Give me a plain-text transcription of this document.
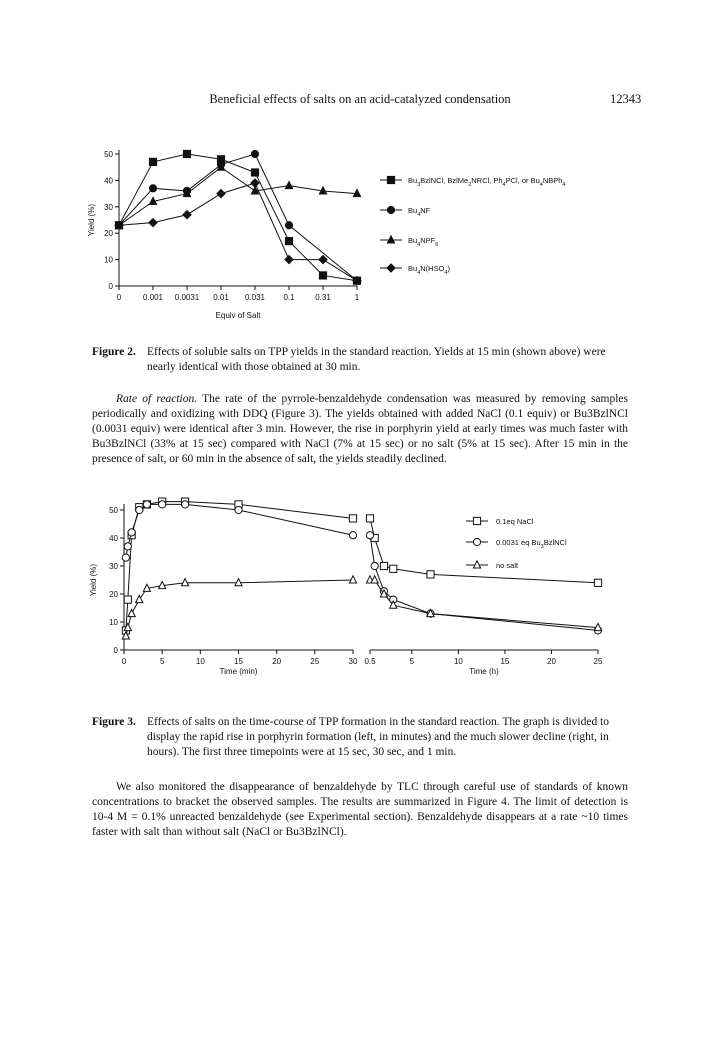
Beneficial effects of salts on an acid-catalyzed condensation	12343
0
10
20
30
40
50
0	0.001 0.0031 0.01 0.031 0.1	0.31	1
Equiv of Salt
Yield (%)
$Bu_3BzlNCl$, BzlMe$_2$NRCl, $Ph_4PCl$, or $Bu_4NBPh_4$
$Bu_4NF$
$Bu_4NPF_6$
$Bu_4N(HSO_4)$
Figure 2. Effects of soluble salts on TPP yields in the standard reaction. Yields at 15 min (shown above) were nearly identical with those obtained at 30 min.
Rate of reaction. The rate of the pyrrole-benzaldehyde condensation was measured by removing samples periodically and oxidizing with DDQ (Figure 3). The yields obtained with added NaCl (0.1 equiv) or Bu3BzlNCl (0.0031 equiv) were identical after 3 min. However, the rise in porphyrin yield at early times was much faster with Bu3BzlNCl (33% at 15 sec) compared with NaCl (7% at 15 sec) or no salt (5% at 15 sec). After 15 min in the presence of salt, or 60 min in the absence of salt, the yields steadily declined.
0
10
20
30
40
50
Yield (%)
0	5	10	15	20	25	30
Time (min)
0.5	5	10	15	20	25
Time (h)
0.1eq NaCl
0.0031 eq $Bu_3BzlNCl$
no salt
Figure 3. Effects of salts on the time-course of TPP formation in the standard reaction. The graph is divided to display the rapid rise in porphyrin formation (left, in minutes) and the much slower decline (right, in hours). The first three timepoints were at 15 sec, 30 sec, and 1 min.
We also monitored the disappearance of benzaldehyde by TLC through careful use of standards of known concentrations to bracket the observed samples. The results are summarized in Figure 4. The limit of detection is 10-4 M = 0.1% unreacted benzaldehyde (see Experimental section). Benzaldehyde disappears at a rate ~10 times faster with salt than without salt (NaCl or Bu3BzlNCl).
